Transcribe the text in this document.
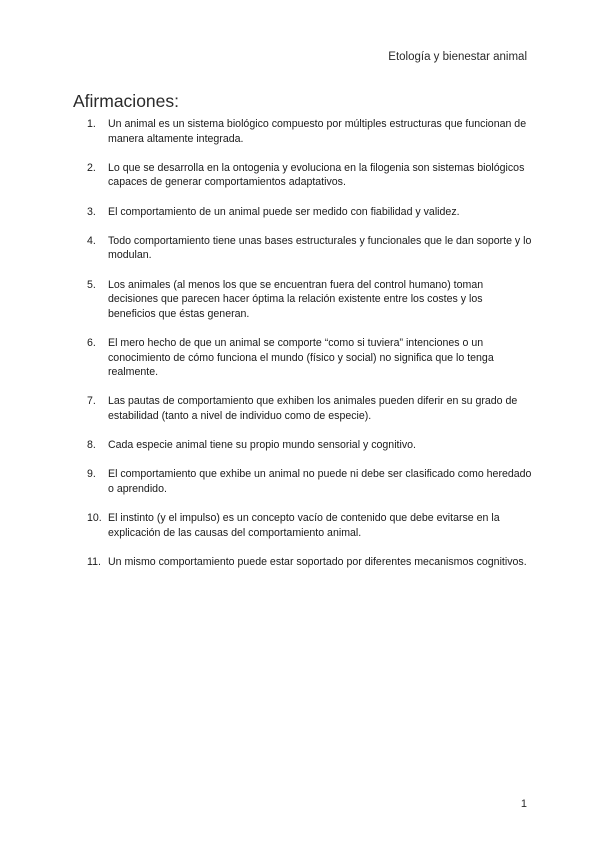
Etología y bienestar animal
Afirmaciones:
1.	Un animal es un sistema biológico compuesto por múltiples estructuras que funcionan de manera altamente integrada.
2.	Lo que se desarrolla en la ontogenia y evoluciona en la filogenia son sistemas biológicos capaces de generar comportamientos adaptativos.
3.	El comportamiento de un animal puede ser medido con fiabilidad y validez.
4.	Todo comportamiento tiene unas bases estructurales y funcionales que le dan soporte y lo modulan.
5.	Los animales (al menos los que se encuentran fuera del control humano) toman decisiones que parecen hacer óptima la relación existente entre los costes y los beneficios que éstas generan.
6.	El mero hecho de que un animal se comporte “como si tuviera” intenciones o un conocimiento de cómo funciona el mundo (físico y social) no significa que lo tenga realmente.
7.	Las pautas de comportamiento que exhiben los animales pueden diferir en su grado de estabilidad (tanto a nivel de individuo como de especie).
8.	Cada especie animal tiene su propio mundo sensorial y cognitivo.
9.	El comportamiento que exhibe un animal no puede ni debe ser clasificado como heredado o aprendido.
10. El instinto (y el impulso) es un concepto vacío de contenido que debe evitarse en la explicación de las causas del comportamiento animal.
11. Un mismo comportamiento puede estar soportado por diferentes mecanismos cognitivos.
1
